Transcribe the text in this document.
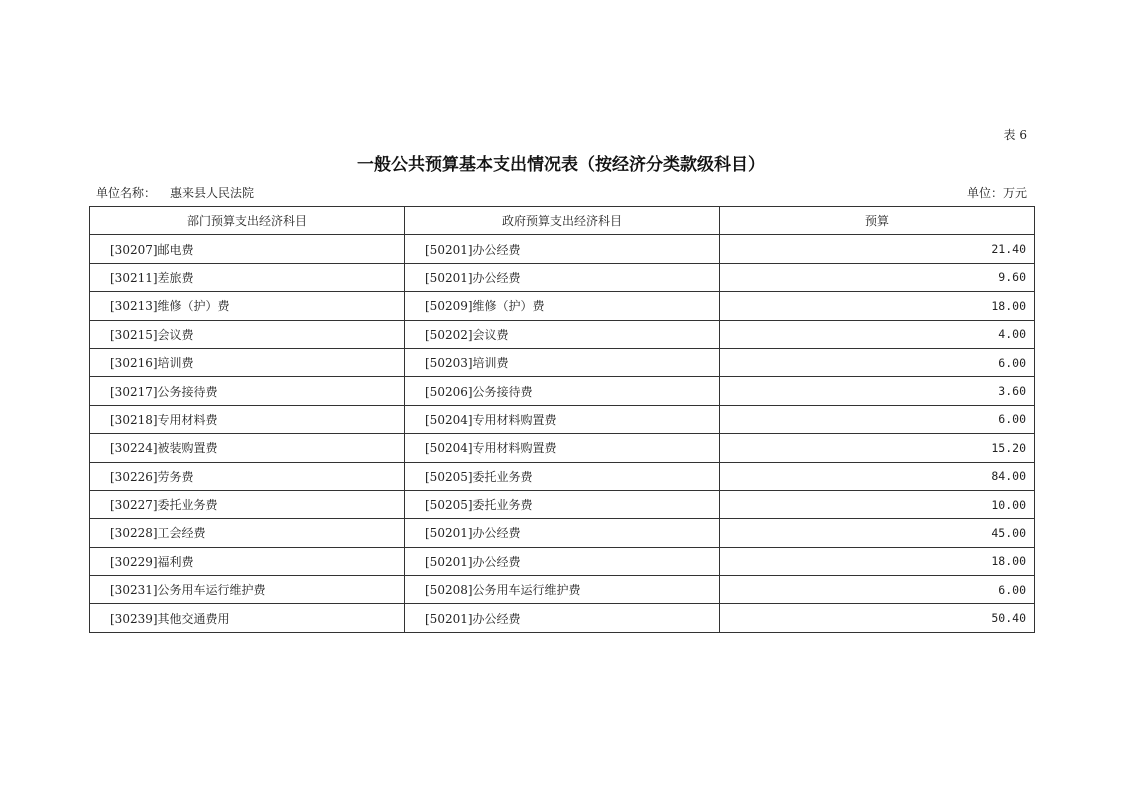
表 6
一般公共预算基本支出情况表（按经济分类款级科目）
单位名称： 惠来县人民法院	单位：万元
部门预算支出经济科目	政府预算支出经济科目	预算
[30207]邮电费	[50201]办公经费	21.40
[30211]差旅费	[50201]办公经费	9.60
[30213]维修（护）费	[50209]维修（护）费	18.00
[30215]会议费	[50202]会议费	4.00
[30216]培训费	[50203]培训费	6.00
[30217]公务接待费	[50206]公务接待费	3.60
[30218]专用材料费	[50204]专用材料购置费	6.00
[30224]被装购置费	[50204]专用材料购置费	15.20
[30226]劳务费	[50205]委托业务费	84.00
[30227]委托业务费	[50205]委托业务费	10.00
[30228]工会经费	[50201]办公经费	45.00
[30229]福利费	[50201]办公经费	18.00
[30231]公务用车运行维护费	[50208]公务用车运行维护费	6.00
[30239]其他交通费用	[50201]办公经费	50.40
